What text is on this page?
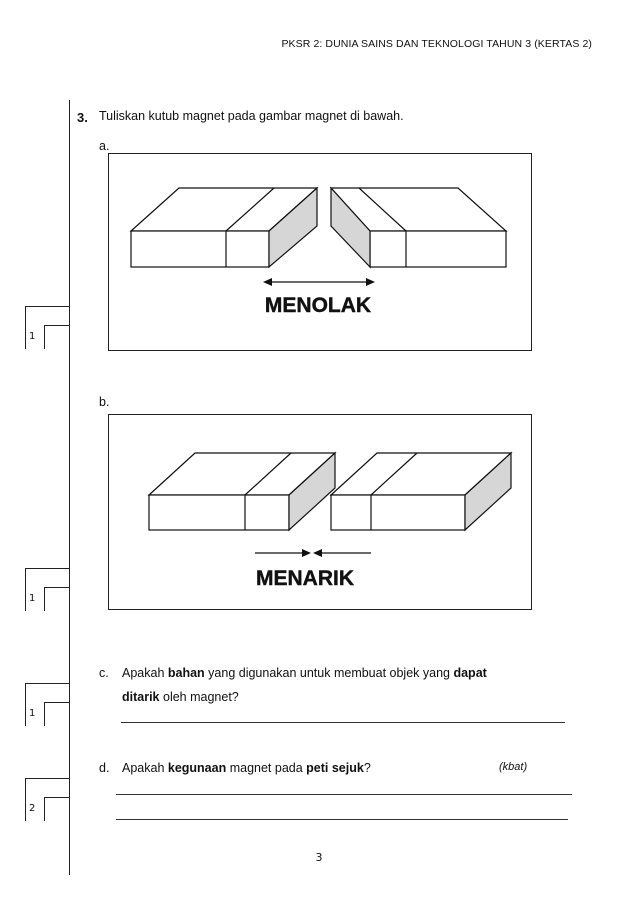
PKSR 2: DUNIA SAINS DAN TEKNOLOGI TAHUN 3 (KERTAS 2)
1
1
1
2
3. Tuliskan kutub magnet pada gambar magnet di bawah.
a.
MENOLAK
b.
MENARIK
c. Apakah bahan yang digunakan untuk membuat objek yang dapat
ditarik oleh magnet?
d. Apakah kegunaan magnet pada peti sejuk?	(kbat)
3
